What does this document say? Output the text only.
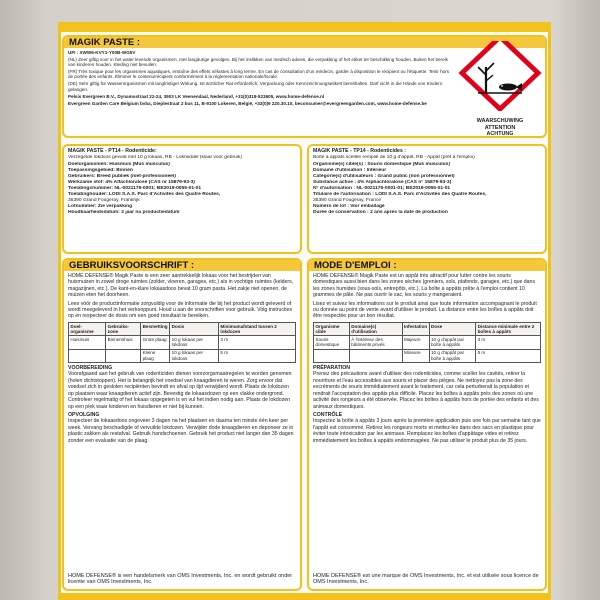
MAGIK PASTE :
UFI : XWW6-KVY1-Y00B-WG5V
(NL) Zeer giftig voor in het water levende organismen, met langdurige gevolgen. Bij het inslikken van medisch advies, die verpakking of het etiket ter beschikking houden. Buiten het bereik van kinderen houden. Kleding niet bevuilen.
(FR) Très toxique pour les organismes aquatiques, entraîne des effets néfastes à long terme. En cas de consultation d'un médecin, garder à disposition le récipient ou l'étiquette. Tenir hors de portée des enfants. Éliminer le contenu/récipient conformément à la réglementation nationale/locale.
(DE) Sehr giftig für Wasserorganismen mit langfristiger Wirkung. Ist ärztlicher Rat erforderlich, Verpackung oder Kennzeichnungsetikett bereithalten. Darf nicht in die Hände von Kindern gelangen.
Pelsis Evergreen B.V., Dynamostraat 22-24, 3903 LK Veenendaal, Nederland, +31(0)318-523605, www.home-defense.nl
Evergreen Garden Care Belgium bvba, Dieplestraat 2 bus 11, B-9100 Lokeren, België, +32(0)9 220.30.10, beconsumer@evergreengarden.com, www.home-defense.be
WAARSCHUWING
ATTENTION
ACHTUNG
MAGIK PASTE - PT14 - Rodenticide:
Verzegelde lokdoos gevuld met 10 g lokaas, RB - Lokmiddel (klaar voor gebruik)
Doelorganismen: Huismuis (Mus musculus)
Toepassingsgebied: Binnen
Gebruikers: Breed publiek (niet-professioneel)
Werkzame stof: 4% Alfachloralose (CAS nr 15879-93-3)
Toelatingsnummer: NL-0021175-0001; BE2019-0055-01-01
Toelatinghouder: LODI S.A.S. Parc d'Activités des Quatre Routes,
35390 Grand Fougeray, Frankrijk
Lotnummer: Zie verpakking
Houdbaarheidsdatum: 2 jaar na productiedatum
MAGIK PASTE - TP14 - Rodenticides :
Boîte à appâts scellée remplie de 10 g d'appât, RB - Appât (prêt à l'emploi)
Organisme(s) cible(s) : Souris domestique (Mus musculus)
Domaine d'utilisation : Intérieur
Catégorie(s) d'utilisateurs : Grand public (non professionnel)
Substance active : 4% Alphachloralose (CAS n° 15879-93-3)
N° d'autorisation : NL-0021175-0001-01; BE2019-0055-01-01
Titulaire de l'autorisation : LODI S.A.S. Parc d'Activités des Quatre Routes,
35390 Grand Fougeray, France
Numéro de lot : Voir emballage
Durée de conservation : 2 ans après la date de production
GEBRUIKSVOORSCHRIFT :
HOME DEFENSE® Magik Paste is een zeer aantrekkelijk lokaas voor het bestrijden van huismuizen in zowel droge ruimtes (zolder, vloeren, garages, etc.) als in vochtige ruimtes (kelders, magazijnen, etc.). De kant-en-klare lokaasdoos bevat 10 gram pasta. Het zakje niet openen, de muizen eten het doorheen.
Lees vóór de productinformatie zorgvuldig voor de informatie die bij het product wordt geleverd of wordt meegeleverd in het verkooppunt. Houd u aan de voorschriften voor gebruik. Volg instructies op en respecteer de dosis om een goed resultaat te bereiken.
Doel-organisme	Gebruiks-zone	Besmetting	Dosis	Minimumafstand tussen 2 lokdozen
Huismuis	Binnenshuis	Grote plaag	10 g lokaas per lokdoos	3 m
		Kleine plaag	10 g lokaas per lokdoos	5 m
VOORBEREIDING
Voorafgaand aan het gebruik van rodenticiden dienen voorzorgsmaatregelen te worden genomen (holen dichtstoppen). Het is belangrijk het voedsel van knaagdieren te weren. Zorg ervoor dat voedsel zich in gesloten recipiënten bevindt en afval op tijd verwijderd wordt. Plaats de lokdozen op plaatsen waar knaagdieren actief zijn. Bevestig de lokaasdozen op een vlakke ondergrond. Controleer regelmatig of het lokaas opgegeten is en vul het indien nodig aan. Plaats de lokdozen op een plek waar kinderen en huisdieren er niet bij kunnen.
OPVOLGING
Inspecteer de lokaasdoos ongeveer 3 dagen na het plaatsen en daarna ten minste één keer per week. Vervang beschadigde of vervuilde lokdozen. Verwijder dode knaagdieren en deponeer ze in plastic zakken als restafval. Gebruik handschoenen. Gebruik het product niet langer dan 35 dagen zonder een evaluatie van de plaag.
HOME DEFENSE® is een handelsmerk van OMS Investments, Inc. en wordt gebruikt onder licentie van OMS Investments, Inc.
MODE D'EMPLOI :
HOME DEFENSE® Magik Paste est un appât très attractif pour lutter contre les souris domestiques aussi bien dans les zones sèches (greniers, sols, plafonds, garages, etc.) que dans les zones humides (sous-sols, entrepôts, etc.). La boîte à appâts prête à l'emploi contient 10 grammes de pâte. Ne pas ouvrir le sac, les souris y mangeraient.
Lisez et suivez les informations sur le produit ainsi que toute information accompagnant le produit ou donnée au point de vente avant d'utiliser le produit. La distance entre les boîtes à appâts doit être respectée pour un bon résultat.
Organisme cible	Domaine(s) d'utilisation	Infestation	Dose	Distance minimale entre 2 boîtes à appâts
Souris domestique	À l'intérieur des bâtiments privés	Majeure	10 g d'appât par boîte à appâts	3 m
		Mineure	10 g d'appât par boîte à appâts	5 m
PRÉPARATION
Prenez des précautions avant d'utiliser des rodenticides, comme sceller les cavités, retirer la nourriture et l'eau accessibles aux souris et placer des pièges. Ne nettoyez pas la zone des excréments de souris immédiatement avant le traitement, car cela perturberait la population et rendrait l'acceptation des appâts plus difficile. Placez les boîtes à appâts près des zones où une activité des rongeurs a été observée. Placez les boîtes à appâts hors de portée des enfants et des animaux domestiques.
CONTRÔLE
Inspectez la boîte à appâts 3 jours après la première application puis une fois par semaine tant que l'appât est consommé. Retirez les rongeurs morts et mettez-les dans des sacs en plastique pour éviter toute intoxication par les animaux. Remplacez les boîtes d'appâtage vides et retirez immédiatement les boîtes à appâts endommagées. Ne pas utiliser le produit plus de 35 jours.
HOME DEFENSE® est une marque de OMS Investments, Inc. et est utilisée sous licence de OMS Investments, Inc.
